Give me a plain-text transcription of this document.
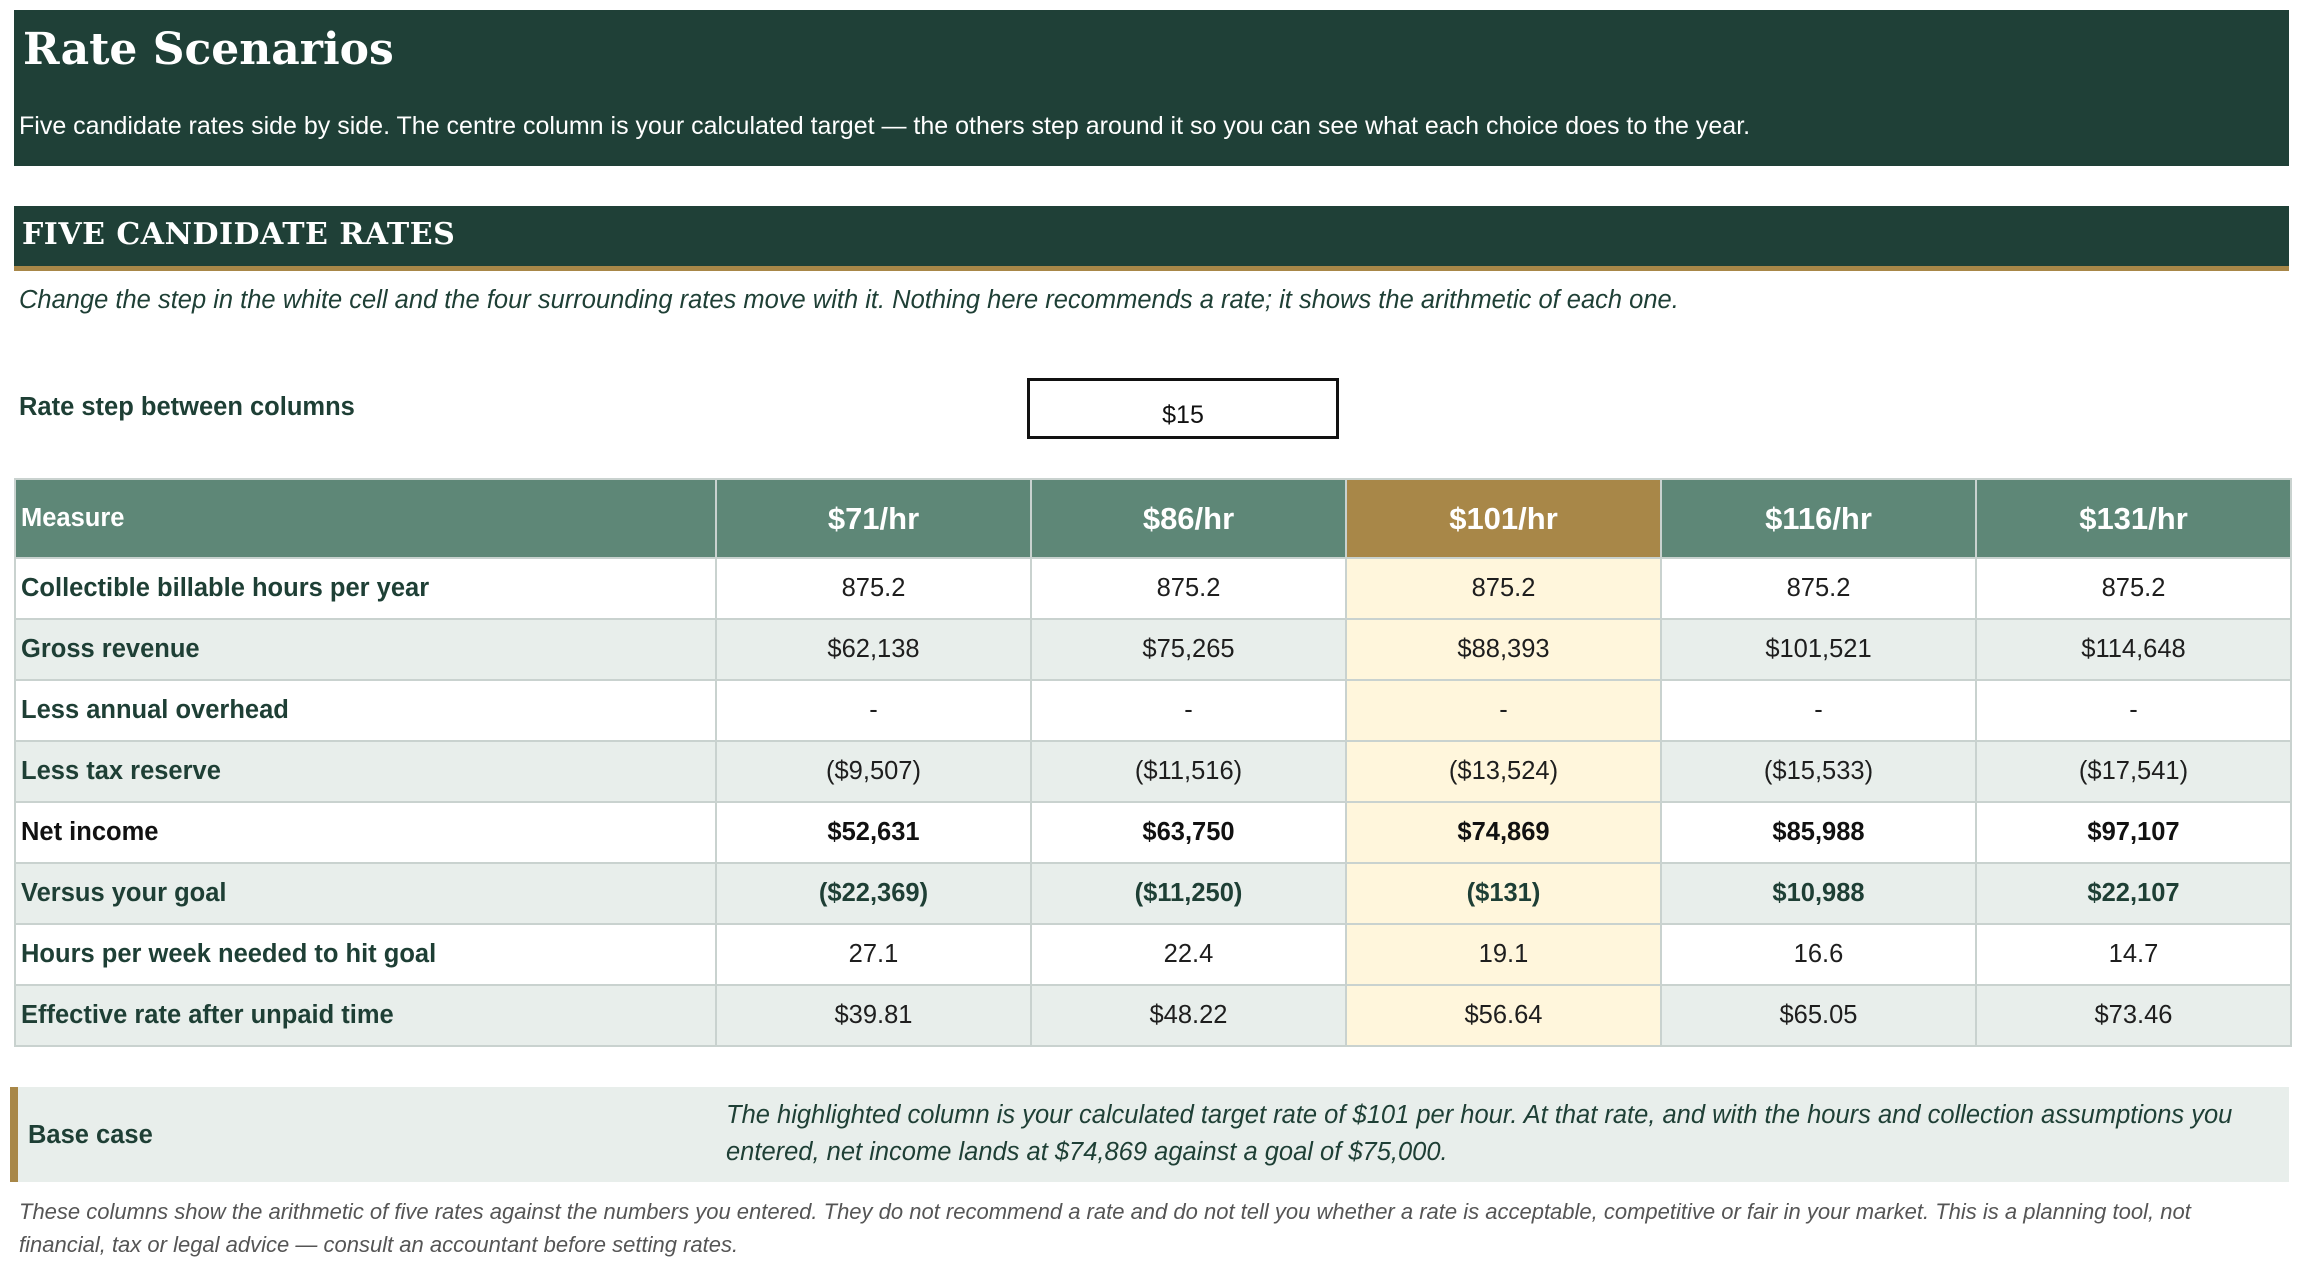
Rate Scenarios
Five candidate rates side by side. The centre column is your calculated target — the others step around it so you can see what each choice does to the year.
FIVE CANDIDATE RATES
Change the step in the white cell and the four surrounding rates move with it. Nothing here recommends a rate; it shows the arithmetic of each one.
Rate step between columns	$15
Measure	$71/hr	$86/hr	$101/hr	$116/hr	$131/hr
Collectible billable hours per year	875.2	875.2	875.2	875.2	875.2
Gross revenue	$62,138	$75,265	$88,393	$101,521	$114,648
Less annual overhead	-	-	-	-	-
Less tax reserve	($9,507)	($11,516)	($13,524)	($15,533)	($17,541)
Net income	$52,631	$63,750	$74,869	$85,988	$97,107
Versus your goal	($22,369)	($11,250)	($131)	$10,988	$22,107
Hours per week needed to hit goal	27.1	22.4	19.1	16.6	14.7
Effective rate after unpaid time	$39.81	$48.22	$56.64	$65.05	$73.46
Base case
The highlighted column is your calculated target rate of $101 per hour. At that rate, and with the hours and collection assumptions you entered, net income lands at $74,869 against a goal of $75,000.
These columns show the arithmetic of five rates against the numbers you entered. They do not recommend a rate and do not tell you whether a rate is acceptable, competitive or fair in your market. This is a planning tool, not financial, tax or legal advice — consult an accountant before setting rates.
